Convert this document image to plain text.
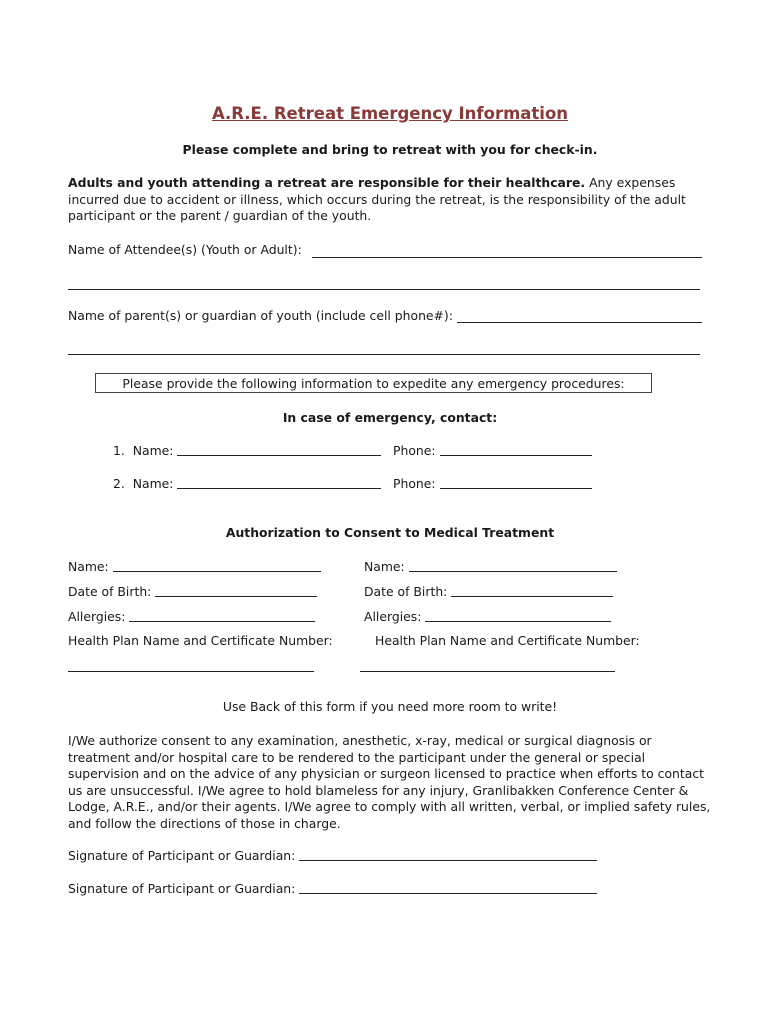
A.R.E. Retreat Emergency Information
Please complete and bring to retreat with you for check-in.
Adults and youth attending a retreat are responsible for their healthcare. Any expenses incurred due to accident or illness, which occurs during the retreat, is the responsibility of the adult participant or the parent / guardian of the youth.
Name of Attendee(s) (Youth or Adult):
Name of parent(s) or guardian of youth (include cell phone#):
Please provide the following information to expedite any emergency procedures:
In case of emergency, contact:
1. Name:	Phone:
2. Name:	Phone:
Authorization to Consent to Medical Treatment
Name:
Date of Birth:
Allergies:
Health Plan Name and Certificate Number:
Name:
Date of Birth:
Allergies:
Health Plan Name and Certificate Number:
Use Back of this form if you need more room to write!
I/We authorize consent to any examination, anesthetic, x-ray, medical or surgical diagnosis or treatment and/or hospital care to be rendered to the participant under the general or special supervision and on the advice of any physician or surgeon licensed to practice when efforts to contact us are unsuccessful. I/We agree to hold blameless for any injury, Granlibakken Conference Center & Lodge, A.R.E., and/or their agents. I/We agree to comply with all written, verbal, or implied safety rules, and follow the directions of those in charge.
Signature of Participant or Guardian:
Signature of Participant or Guardian:
